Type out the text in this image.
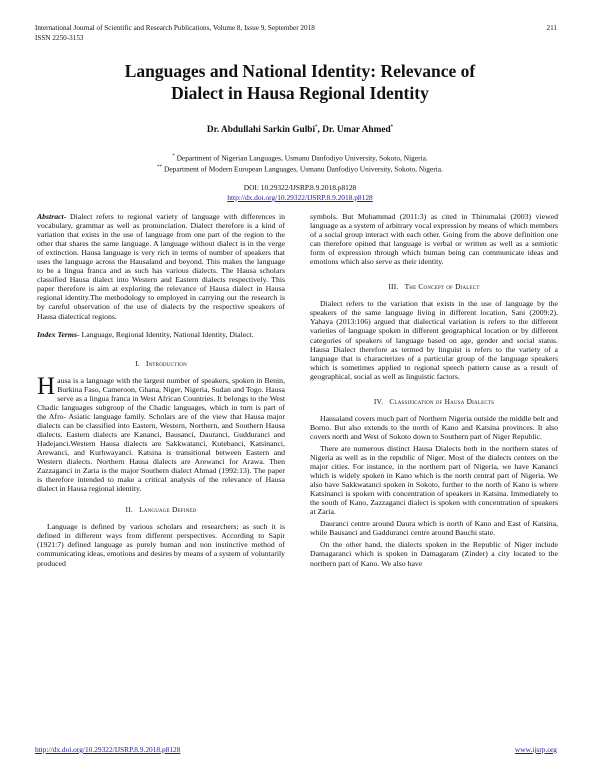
International Journal of Scientific and Research Publications, Volume 8, Issue 9, September 2018
ISSN 2250-3153
211
Languages and National Identity: Relevance of
Dialect in Hausa Regional Identity
Dr. Abdullahi Sarkin Gulbi*, Dr. Umar Ahmed*
* Department of Nigerian Languages, Usmanu Danfodiyo University, Sokoto, Nigeria.
** Department of Modern European Languages, Usmanu Danfodiyo University, Sokoto, Nigeria.
DOI: 10.29322/IJSRP.8.9.2018.p8128
http://dx.doi.org/10.29322/IJSRP.8.9.2018.p8128

Abstract- Dialect refers to regional variety of language with differences in vocabulary, grammar as well as pronunciation. Dialect therefore is a kind of variation that exists in the use of language from one part of the region to the other that shares the same language. A language without dialect is in the verge of extinction. Hausa language is very rich in terms of number of speakers that uses the language across the Hausaland and beyond. This makes the language to be a lingua franca and as such has various dialects. The Hausa scholars classified Hausa dialect into Western and Eastern dialects respectively. This paper therefore is aim at exploring the relevance of Hausa dialect in Hausa regional identity.The methodology to employed in carrying out the research is by careful observation of the use of dialects by the respective speakers of Hausa dialectical regions.

Index Terms- Language, Regional Identity, National Identity, Dialect.

I. Introduction

Hausa is a language with the largest number of speakers, spoken in Benin, Burkina Faso, Cameroon, Ghana, Niger, Nigeria, Sudan and Togo. Hausa serve as a lingua franca in West African Countries. It belongs to the West Chadic languages subgroup of the Chadic languages, which in turn is part of the Afro- Asiatic language family. Scholars are of the view that Hausa major dialects can be classified into Eastern, Western, Northern, and Southern Hausa dialects. Eastern dialects are Kananci, Bausanci, Dauranci, Gudduranci and Hadejanci.Western Hausa dialects are Sakkwatanci, Kutebanci, Katsinanci, Arewanci, and Kurhwayanci. Katsina is transitional between Eastern and Western dialects. Northern Hausa dialects are Arewanci for Arawa. Then Zazzaganci in Zaria is the major Southern dialect Ahmad (1992:13). The paper is therefore intended to make a critical analysis of the relevance of Hausa dialect in Hausa regional identity.

II. Language Defined

Language is defined by various scholars and researchers; as such it is defined in different ways from different perspectives. According to Sapir (1921:7) defined language as purely human and non instinctive method of communicating ideas, emotions and desires by means of a system of voluntarily produced

symbols. But Muhammad (2011:3) as cited in Thirumalai (2003) viewed language as a system of arbitrary vocal expression by means of which members of a social group interact with each other. Going from the above definition one can therefore opined that language is verbal or written as well as a semiotic form of expression through which human being can communicate ideas and emotions which also serve as their identity.

III. The Concept of Dialect

Dialect refers to the variation that exists in the use of language by the speakers of the same language living in different location, Sani (2009:2). Yahaya (2013:106) argued that dialectical variation is refers to the different varieties of language spoken in different geographical location or by different categories of speakers of language based on age, gender and social status. Hausa Dialect therefore as termed by linguist is refers to the variety of a language that is characterizes of a particular group of the language speakers which is sometimes applied to regional speech pattern cause as a result of geographical, social as well as linguistic factors.

IV. Classification of Hausa Dialects

Hausaland covers much part of Northern Nigeria outside the middle belt and Borno. But also extends to the north of Kano and Katsina provinces. It also covers north and West of Sokoto down to Southern part of Niger Republic.

There are numerous distinct Hausa Dialects both in the northern states of Nigeria as well as in the republic of Niger. Most of the dialects centers on the major cities. For instance, in the northern part of Nigeria, we have Kananci which is widely spoken in Kano which is the north central part of Nigeria. We also have Sakkwatanci spoken in Sokoto, further to the north of Kano is where Katsinanci is spoken with concentration of speakers in Katsina. Immediately to the south of Kano, Zazzaganci dialect is spoken with concentration of speakers at Zaria.

Dauranci centre around Daura which is north of Kano and East of Katsina, while Bausanci and Gadduranci centre around Bauchi state.

On the other hand, the dialects spoken in the Republic of Niger include Damagaranci which is spoken in Damagaram (Zinder) a city located to the northern part of Kano. We also have

http://dx.doi.org/10.29322/IJSRP.8.9.2018.p8128	www.ijsrp.org
